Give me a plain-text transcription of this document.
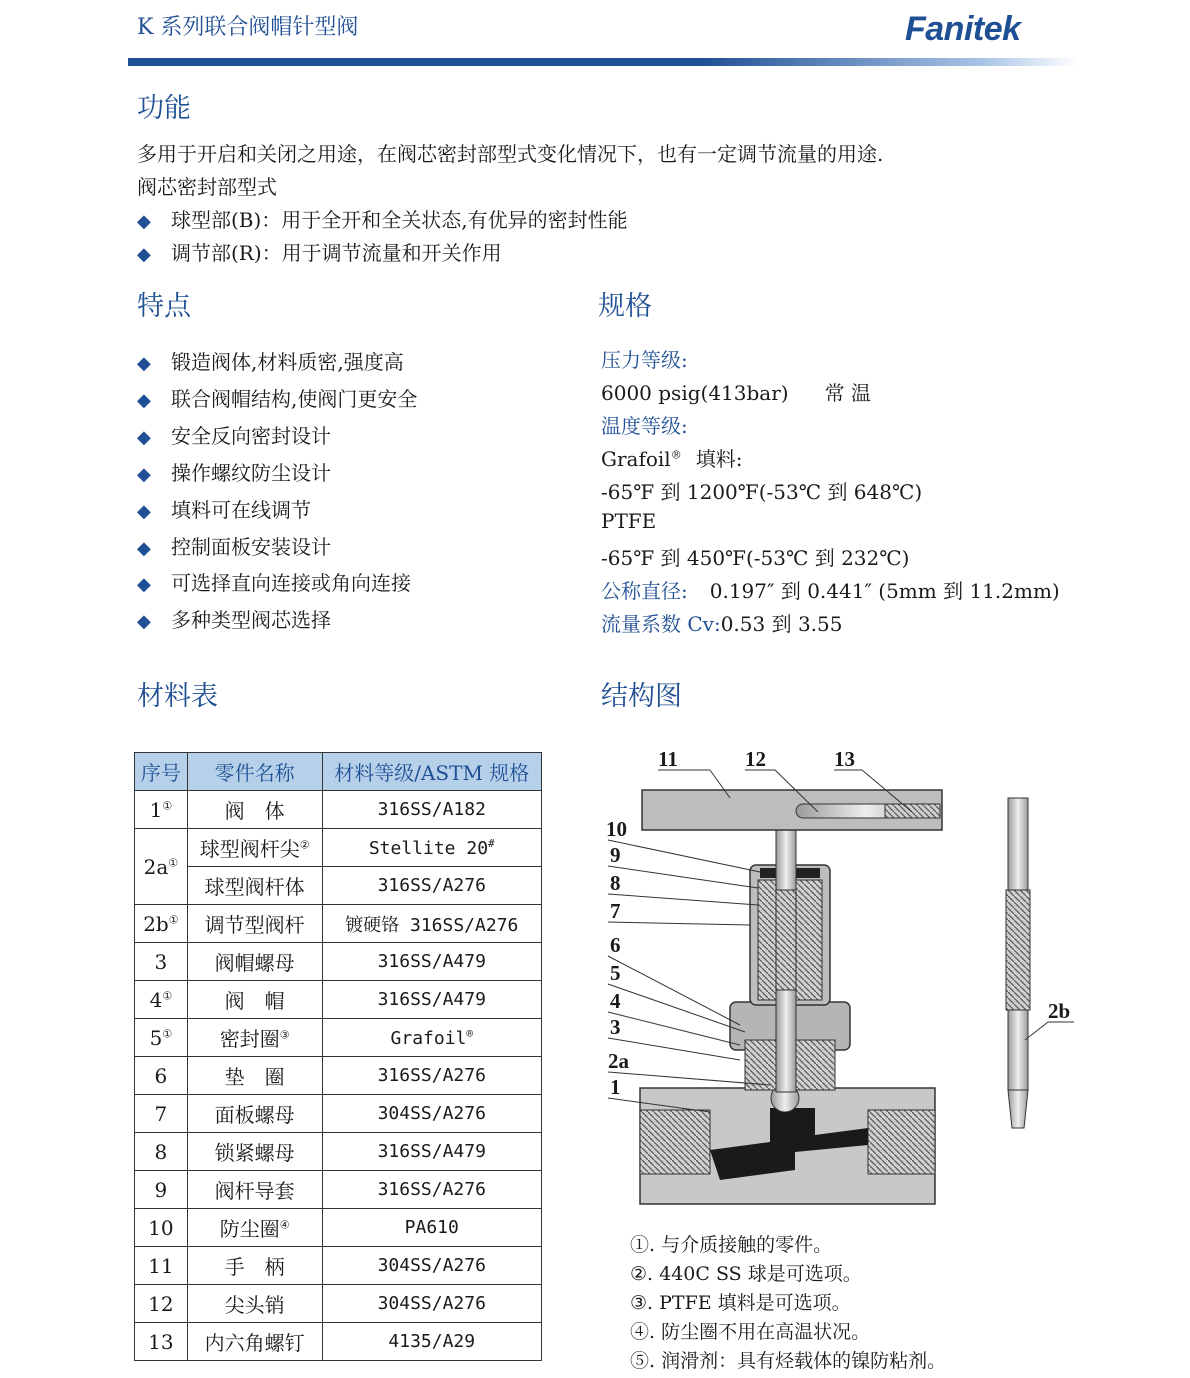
K 系列联合阀帽针型阀	Fanitek
功能
多用于开启和关闭之用途，在阀芯密封部型式变化情况下，也有一定调节流量的用途.
阀芯密封部型式
◆ 球型部(B)：用于全开和全关状态,有优异的密封性能
◆ 调节部(R)：用于调节流量和开关作用
特点
◆ 锻造阀体,材料质密,强度高
◆ 联合阀帽结构,使阀门更安全
◆ 安全反向密封设计
◆ 操作螺纹防尘设计
◆ 填料可在线调节
◆ 控制面板安装设计
◆ 可选择直向连接或角向连接
◆ 多种类型阀芯选择
规格
压力等级:
6000 psig(413bar) 常 温
温度等级:
Grafoil® 填料:
-65℉ 到 1200℉(-53℃ 到 648℃)
PTFE
-65℉ 到 450℉(-53℃ 到 232℃)
公称直径: 0.197″ 到 0.441″ (5mm 到 11.2mm)
流量系数 Cv:0.53 到 3.55
材料表
序号	零件名称	材料等级/ASTM 规格
1①	阀　体	316SS/A182
2a①	球型阀杆尖②	Stellite 20#
	球型阀杆体	316SS/A276
2b①	调节型阀杆	镀硬铬 316SS/A276
3	阀帽螺母	316SS/A479
4①	阀　帽	316SS/A479
5①	密封圈③	Grafoil®
6	垫　圈	316SS/A276
7	面板螺母	304SS/A276
8	锁紧螺母	316SS/A479
9	阀杆导套	316SS/A276
10	防尘圈④	PA610
11	手　柄	304SS/A276
12	尖头销	304SS/A276
13	内六角螺钉	4135/A29
结构图
11	12	13
10
9
8
7
6
5
4
3
2a
1
2b
①. 与介质接触的零件。
②. 440C SS 球是可选项。
③. PTFE 填料是可选项。
④. 防尘圈不用在高温状况。
⑤. 润滑剂：具有烃载体的镍防粘剂。
